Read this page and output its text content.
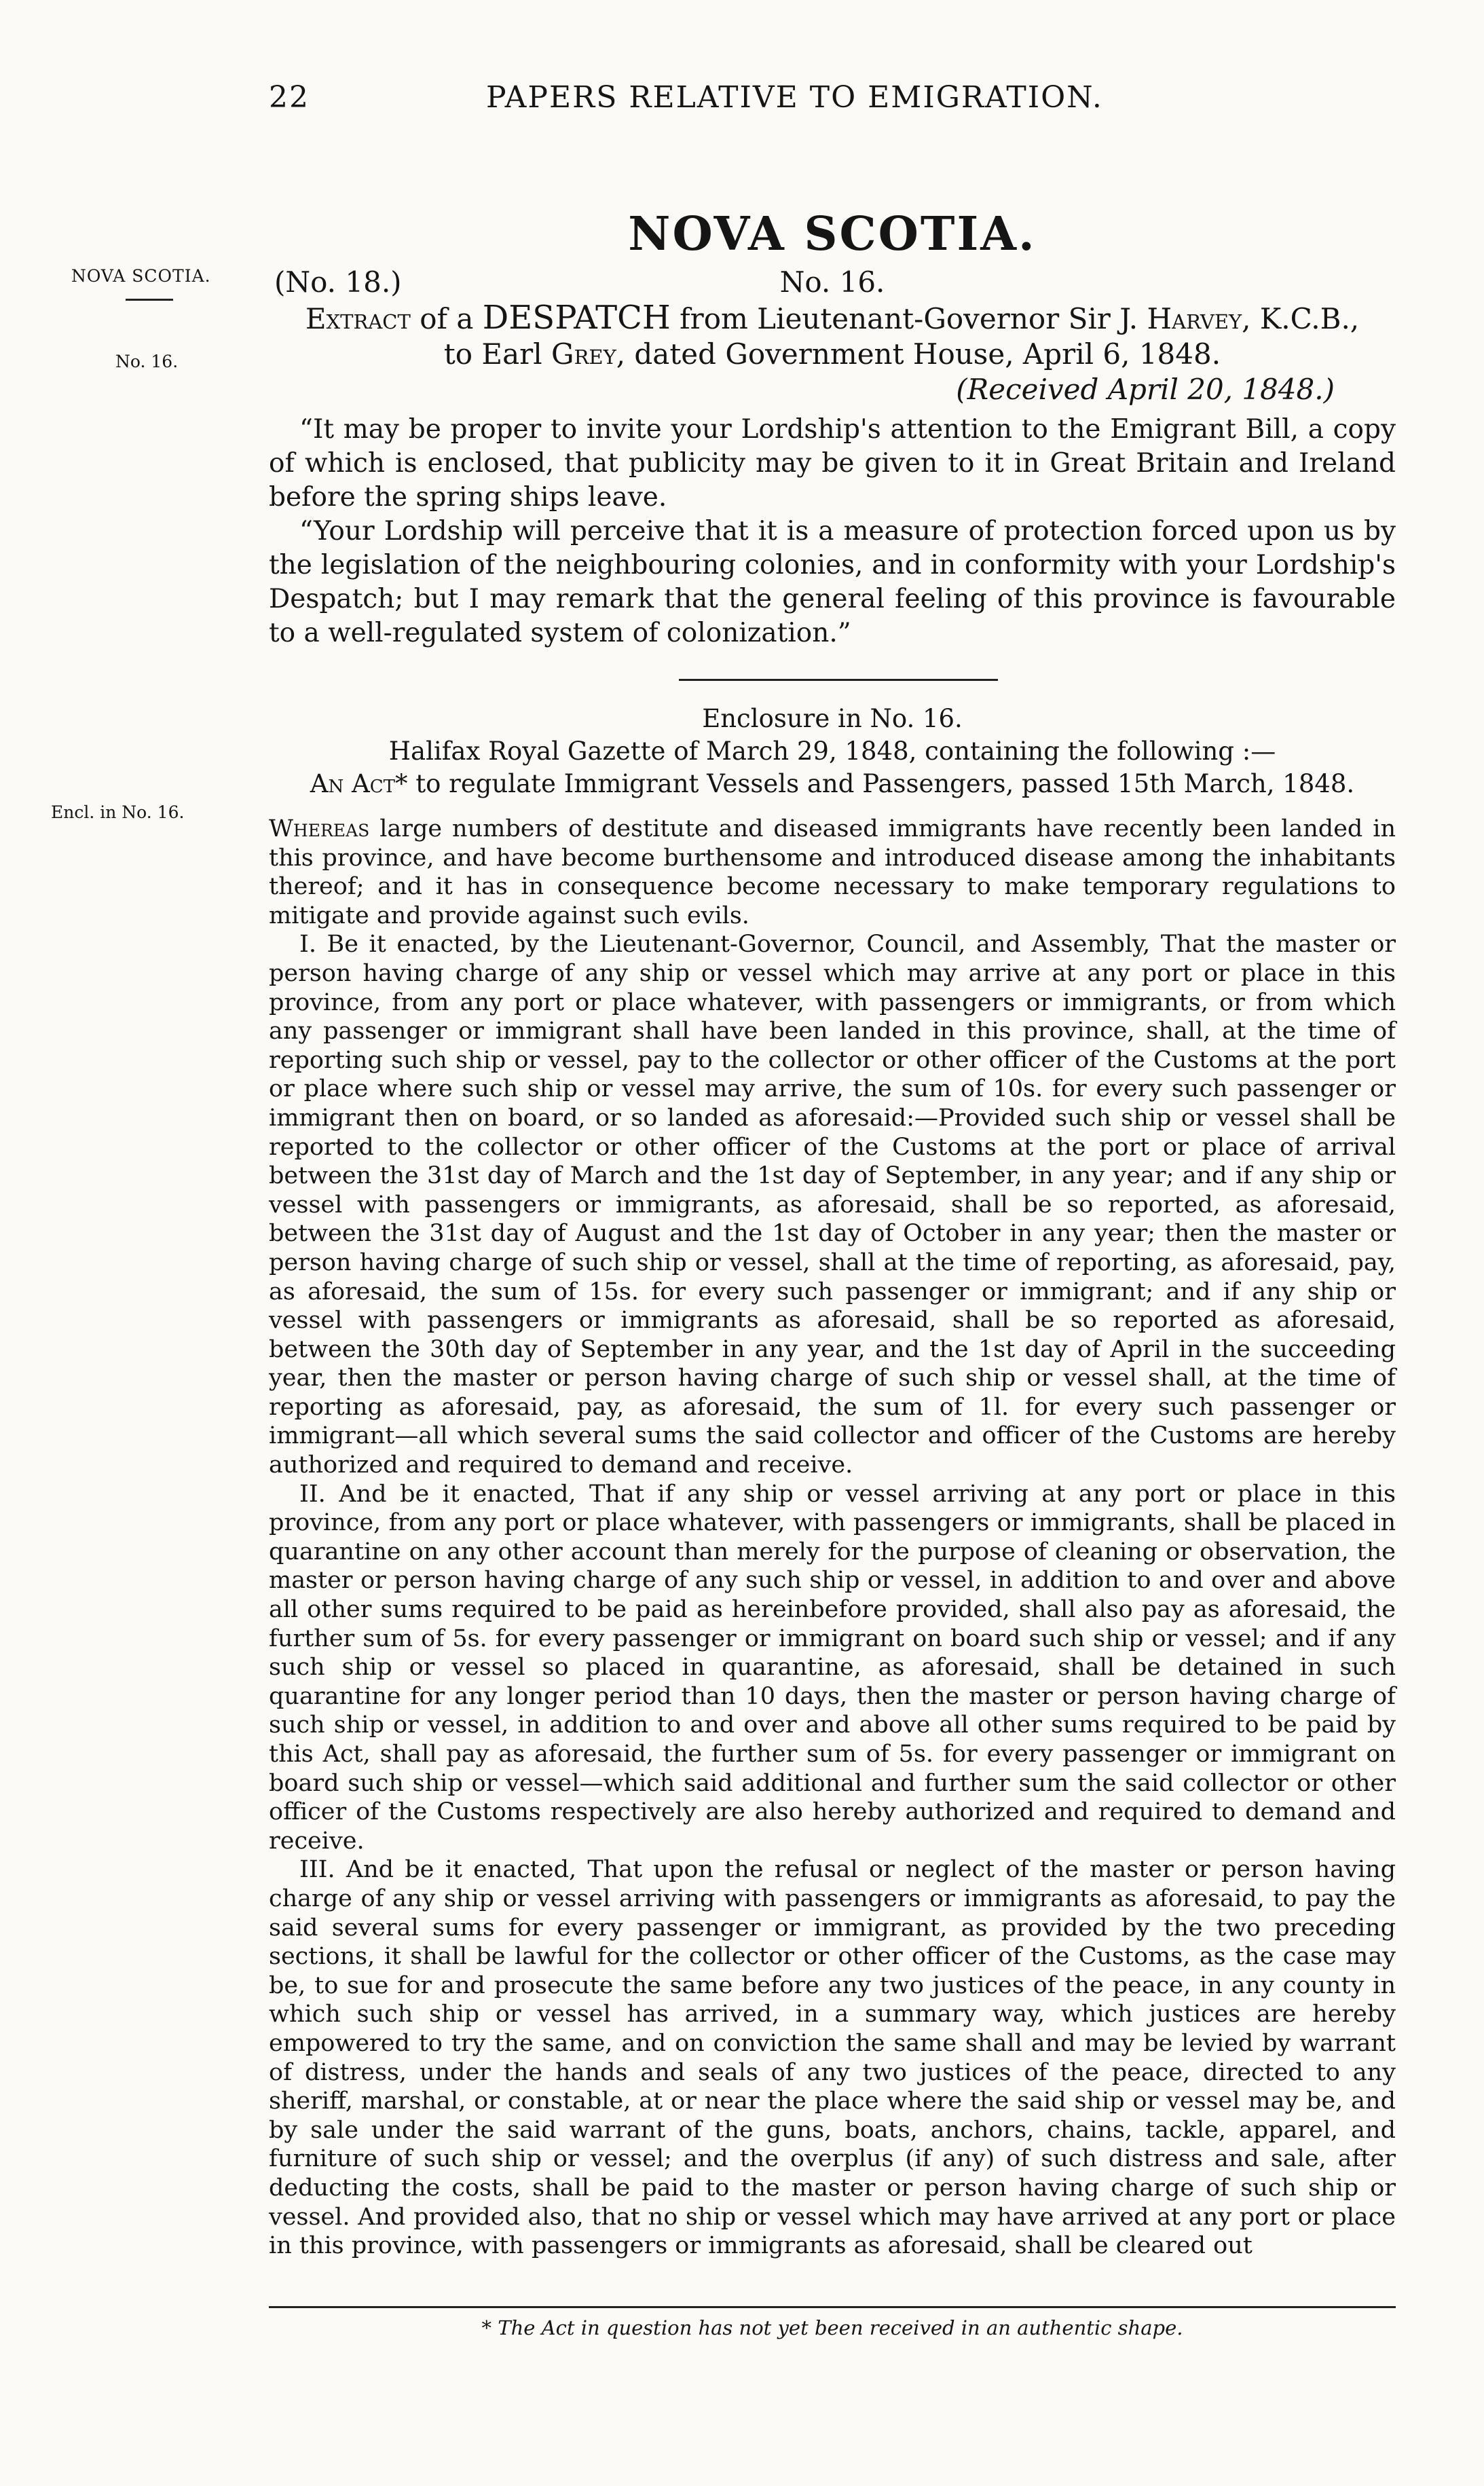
22	PAPERS RELATIVE TO EMIGRATION.
NOVA SCOTIA.
NOVA SCOTIA.
No. 16.
Encl. in No. 16.
(No. 18.)	No. 16.
Extract of a DESPATCH from Lieutenant-Governor Sir J. Harvey, K.C.B.,
to Earl Grey, dated Government House, April 6, 1848.
(Received April 20, 1848.)

“It may be proper to invite your Lordship's attention to the Emigrant Bill, a copy of which is enclosed, that publicity may be given to it in Great Britain and Ireland before the spring ships leave.

“Your Lordship will perceive that it is a measure of protection forced upon us by the legislation of the neighbouring colonies, and in conformity with your Lordship's Despatch; but I may remark that the general feeling of this province is favourable to a well-regulated system of colonization.”

Enclosure in No. 16.
Halifax Royal Gazette of March 29, 1848, containing the following :—
An Act* to regulate Immigrant Vessels and Passengers, passed 15th March, 1848.

Whereas large numbers of destitute and diseased immigrants have recently been landed in this province, and have become burthensome and introduced disease among the inhabitants thereof; and it has in consequence become necessary to make temporary regulations to mitigate and provide against such evils.

I. Be it enacted, by the Lieutenant-Governor, Council, and Assembly, That the master or person having charge of any ship or vessel which may arrive at any port or place in this province, from any port or place whatever, with passengers or immigrants, or from which any passenger or immigrant shall have been landed in this province, shall, at the time of reporting such ship or vessel, pay to the collector or other officer of the Customs at the port or place where such ship or vessel may arrive, the sum of 10s. for every such passenger or immigrant then on board, or so landed as aforesaid:—Provided such ship or vessel shall be reported to the collector or other officer of the Customs at the port or place of arrival between the 31st day of March and the 1st day of September, in any year; and if any ship or vessel with passengers or immigrants, as aforesaid, shall be so reported, as aforesaid, between the 31st day of August and the 1st day of October in any year; then the master or person having charge of such ship or vessel, shall at the time of reporting, as aforesaid, pay, as aforesaid, the sum of 15s. for every such passenger or immigrant; and if any ship or vessel with passengers or immigrants as aforesaid, shall be so reported as aforesaid, between the 30th day of September in any year, and the 1st day of April in the succeeding year, then the master or person having charge of such ship or vessel shall, at the time of reporting as aforesaid, pay, as aforesaid, the sum of 1l. for every such passenger or immigrant—all which several sums the said collector and officer of the Customs are hereby authorized and required to demand and receive.

II. And be it enacted, That if any ship or vessel arriving at any port or place in this province, from any port or place whatever, with passengers or immigrants, shall be placed in quarantine on any other account than merely for the purpose of cleaning or observation, the master or person having charge of any such ship or vessel, in addition to and over and above all other sums required to be paid as hereinbefore provided, shall also pay as aforesaid, the further sum of 5s. for every passenger or immigrant on board such ship or vessel; and if any such ship or vessel so placed in quarantine, as aforesaid, shall be detained in such quarantine for any longer period than 10 days, then the master or person having charge of such ship or vessel, in addition to and over and above all other sums required to be paid by this Act, shall pay as aforesaid, the further sum of 5s. for every passenger or immigrant on board such ship or vessel—which said additional and further sum the said collector or other officer of the Customs respectively are also hereby authorized and required to demand and receive.

III. And be it enacted, That upon the refusal or neglect of the master or person having charge of any ship or vessel arriving with passengers or immigrants as aforesaid, to pay the said several sums for every passenger or immigrant, as provided by the two preceding sections, it shall be lawful for the collector or other officer of the Customs, as the case may be, to sue for and prosecute the same before any two justices of the peace, in any county in which such ship or vessel has arrived, in a summary way, which justices are hereby empowered to try the same, and on conviction the same shall and may be levied by warrant of distress, under the hands and seals of any two justices of the peace, directed to any sheriff, marshal, or constable, at or near the place where the said ship or vessel may be, and by sale under the said warrant of the guns, boats, anchors, chains, tackle, apparel, and furniture of such ship or vessel; and the overplus (if any) of such distress and sale, after deducting the costs, shall be paid to the master or person having charge of such ship or vessel. And provided also, that no ship or vessel which may have arrived at any port or place in this province, with passengers or immigrants as aforesaid, shall be cleared out

* The Act in question has not yet been received in an authentic shape.
